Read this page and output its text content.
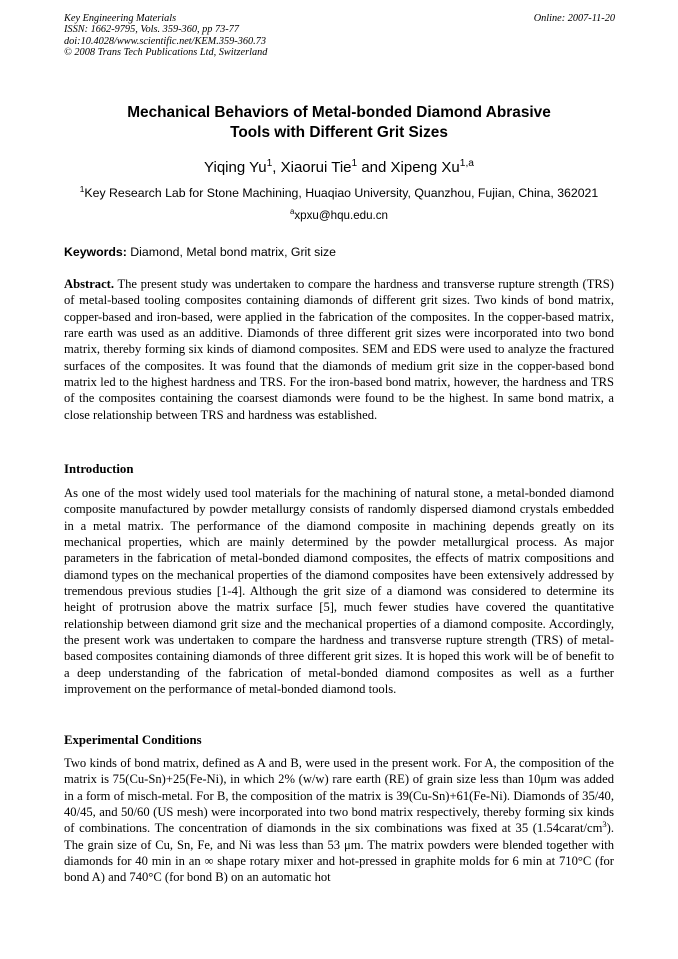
Key Engineering Materials
ISSN: 1662-9795, Vols. 359-360, pp 73-77
doi:10.4028/www.scientific.net/KEM.359-360.73
© 2008 Trans Tech Publications Ltd, Switzerland
Online: 2007-11-20
Mechanical Behaviors of Metal-bonded Diamond Abrasive
Tools with Different Grit Sizes
Yiqing Yu$^1$, Xiaorui Tie$^1$ and Xipeng Xu$^{1,a}$
$^1$Key Research Lab for Stone Machining, Huaqiao University, Quanzhou, Fujian, China, 362021
$^a$xpxu@hqu.edu.cn
Keywords: Diamond, Metal bond matrix, Grit size
Abstract. The present study was undertaken to compare the hardness and transverse rupture strength (TRS) of metal-based tooling composites containing diamonds of different grit sizes. Two kinds of bond matrix, copper-based and iron-based, were applied in the fabrication of the composites. In the copper-based matrix, rare earth was used as an additive. Diamonds of three different grit sizes were incorporated into two bond matrix, thereby forming six kinds of diamond composites. SEM and EDS were used to analyze the fractured surfaces of the composites. It was found that the diamonds of medium grit size in the copper-based bond matrix led to the highest hardness and TRS. For the iron-based bond matrix, however, the hardness and TRS of the composites containing the coarsest diamonds were found to be the highest. In same bond matrix, a close relationship between TRS and hardness was established.
Introduction
As one of the most widely used tool materials for the machining of natural stone, a metal-bonded diamond composite manufactured by powder metallurgy consists of randomly dispersed diamond crystals embedded in a metal matrix. The performance of the diamond composite in machining depends greatly on its mechanical properties, which are mainly determined by the powder metallurgical process. As major parameters in the fabrication of metal-bonded diamond composites, the effects of matrix compositions and diamond types on the mechanical properties of the diamond composites have been extensively addressed by tremendous previous studies [1-4]. Although the grit size of a diamond was considered to determine its height of protrusion above the matrix surface [5], much fewer studies have covered the quantitative relationship between diamond grit size and the mechanical properties of a diamond composite. Accordingly, the present work was undertaken to compare the hardness and transverse rupture strength (TRS) of metal-based composites containing diamonds of three different grit sizes. It is hoped this work will be of benefit to a deep understanding of the fabrication of metal-bonded diamond composites as well as a further improvement on the performance of metal-bonded diamond tools.
Experimental Conditions
Two kinds of bond matrix, defined as A and B, were used in the present work. For A, the composition of the matrix is 75(Cu-Sn)+25(Fe-Ni), in which 2% (w/w) rare earth (RE) of grain size less than 10μm was added in a form of misch-metal. For B, the composition of the matrix is 39(Cu-Sn)+61(Fe-Ni). Diamonds of 35/40, 40/45, and 50/60 (US mesh) were incorporated into two bond matrix respectively, thereby forming six kinds of combinations. The concentration of diamonds in the six combinations was fixed at 35 $(1.54carat/cm^3)$. The grain size of Cu, Sn, Fe, and Ni was less than 53 μm. The matrix powders were blended together with diamonds for 40 min in an ∞ shape rotary mixer and hot-pressed in graphite molds for 6 min at 710°C (for bond A) and 740°C (for bond B) on an automatic hot
